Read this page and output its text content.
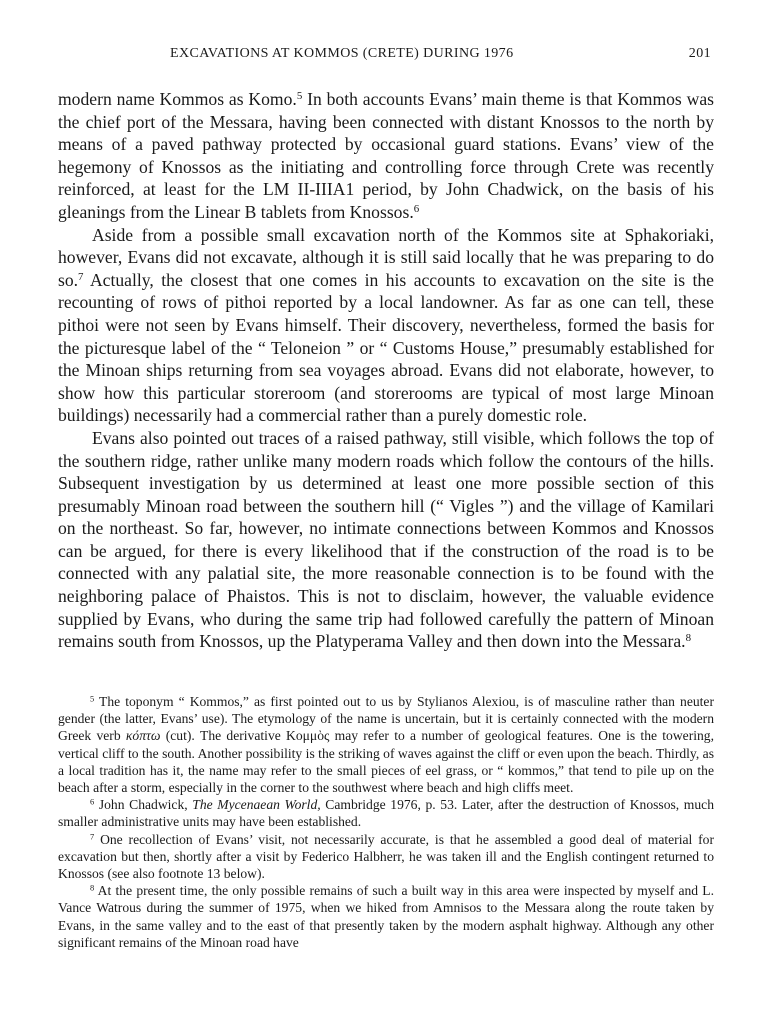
EXCAVATIONS AT KOMMOS (CRETE) DURING 1976	201

modern name Kommos as Komo.$^5$ In both accounts Evans’ main theme is that Kommos was the chief port of the Messara, having been connected with distant Knossos to the north by means of a paved pathway protected by occasional guard stations. Evans’ view of the hegemony of Knossos as the initiating and controlling force through Crete was recently reinforced, at least for the LM II-IIIA1 period, by John Chadwick, on the basis of his gleanings from the Linear B tablets from Knossos.$^6$

Aside from a possible small excavation north of the Kommos site at Sphakoriaki, however, Evans did not excavate, although it is still said locally that he was preparing to do so.$^7$ Actually, the closest that one comes in his accounts to excavation on the site is the recounting of rows of pithoi reported by a local landowner. As far as one can tell, these pithoi were not seen by Evans himself. Their discovery, nevertheless, formed the basis for the picturesque label of the “ Teloneion ” or “ Customs House,” presumably established for the Minoan ships returning from sea voyages abroad. Evans did not elaborate, however, to show how this particular storeroom (and storerooms are typical of most large Minoan buildings) necessarily had a commercial rather than a purely domestic role.

Evans also pointed out traces of a raised pathway, still visible, which follows the top of the southern ridge, rather unlike many modern roads which follow the contours of the hills. Subsequent investigation by us determined at least one more possible section of this presumably Minoan road between the southern hill (“ Vigles ”) and the village of Kamilari on the northeast. So far, however, no intimate connections between Kommos and Knossos can be argued, for there is every likelihood that if the construction of the road is to be connected with any palatial site, the more reasonable connection is to be found with the neighboring palace of Phaistos. This is not to disclaim, however, the valuable evidence supplied by Evans, who during the same trip had followed carefully the pattern of Minoan remains south from Knossos, up the Platyperama Valley and then down into the Messara.$^8$

$^5$ The toponym “ Kommos,” as first pointed out to us by Stylianos Alexiou, is of masculine rather than neuter gender (the latter, Evans’ use). The etymology of the name is uncertain, but it is certainly connected with the modern Greek verb κόπτω (cut). The derivative Κομμὸς may refer to a number of geological features. One is the towering, vertical cliff to the south. Another possibility is the striking of waves against the cliff or even upon the beach. Thirdly, as a local tradition has it, the name may refer to the small pieces of eel grass, or “ kommos,” that tend to pile up on the beach after a storm, especially in the corner to the southwest where beach and high cliffs meet.

$^6$ John Chadwick, The Mycenaean World, Cambridge 1976, p. 53. Later, after the destruction of Knossos, much smaller administrative units may have been established.

$^7$ One recollection of Evans’ visit, not necessarily accurate, is that he assembled a good deal of material for excavation but then, shortly after a visit by Federico Halbherr, he was taken ill and the English contingent returned to Knossos (see also footnote 13 below).

$^8$ At the present time, the only possible remains of such a built way in this area were inspected by myself and L. Vance Watrous during the summer of 1975, when we hiked from Amnisos to the Messara along the route taken by Evans, in the same valley and to the east of that presently taken by the modern asphalt highway. Although any other significant remains of the Minoan road have
